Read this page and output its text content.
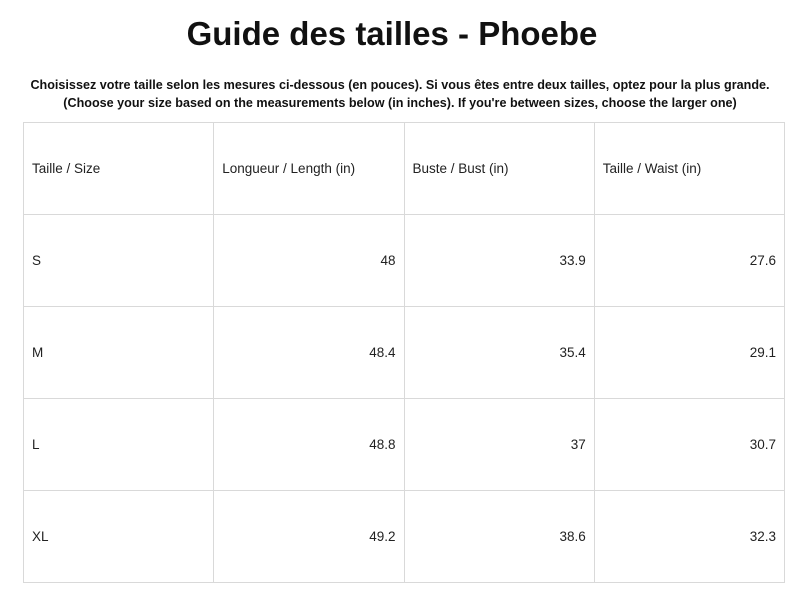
Guide des tailles - Phoebe
Choisissez votre taille selon les mesures ci-dessous (en pouces). Si vous êtes entre deux tailles, optez pour la plus grande.
(Choose your size based on the measurements below (in inches). If you're between sizes, choose the larger one)
Taille / Size	Longueur / Length (in)	Buste / Bust (in)	Taille / Waist (in)
S	48	33.9	27.6
M	48.4	35.4	29.1
L	48.8	37	30.7
XL	49.2	38.6	32.3
